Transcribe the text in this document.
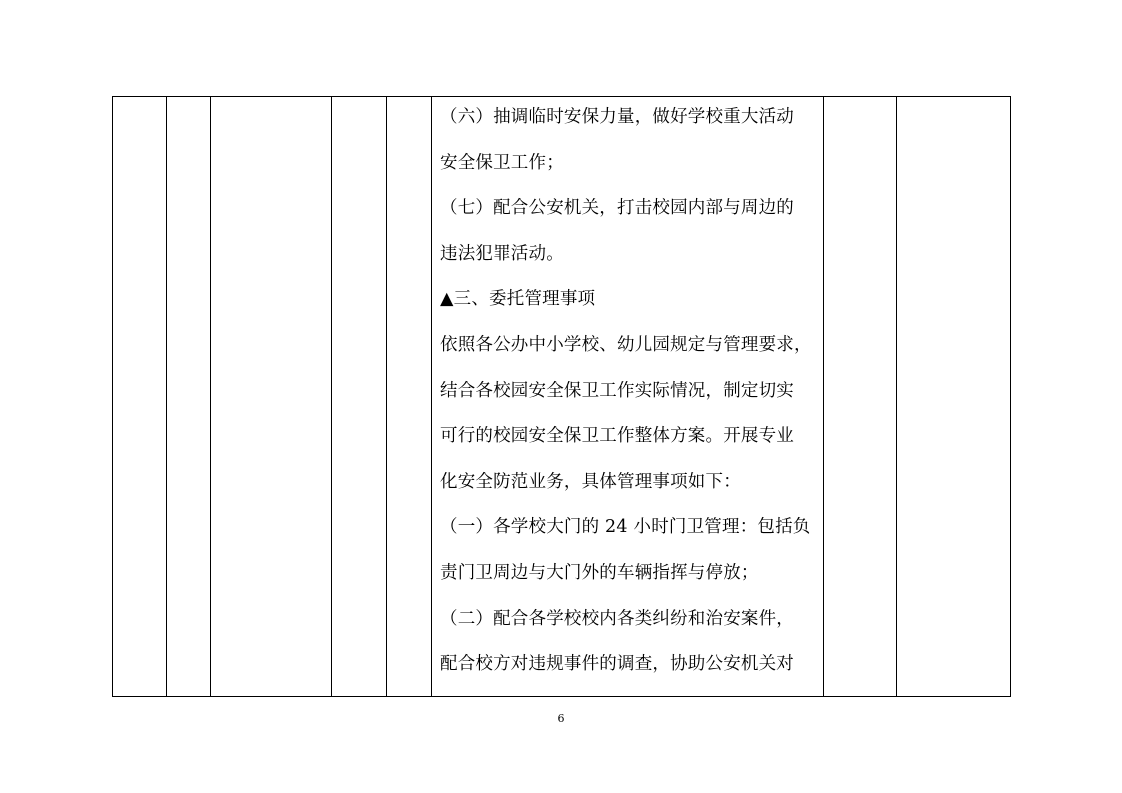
（六）抽调临时安保力量，做好学校重大活动
安全保卫工作；
（七）配合公安机关，打击校园内部与周边的
违法犯罪活动。
▲三、委托管理事项
依照各公办中小学校、幼儿园规定与管理要求，
结合各校园安全保卫工作实际情况，制定切实
可行的校园安全保卫工作整体方案。开展专业
化安全防范业务，具体管理事项如下：
（一）各学校大门的 24 小时门卫管理：包括负
责门卫周边与大门外的车辆指挥与停放；
（二）配合各学校校内各类纠纷和治安案件，
配合校方对违规事件的调查，协助公安机关对

6
